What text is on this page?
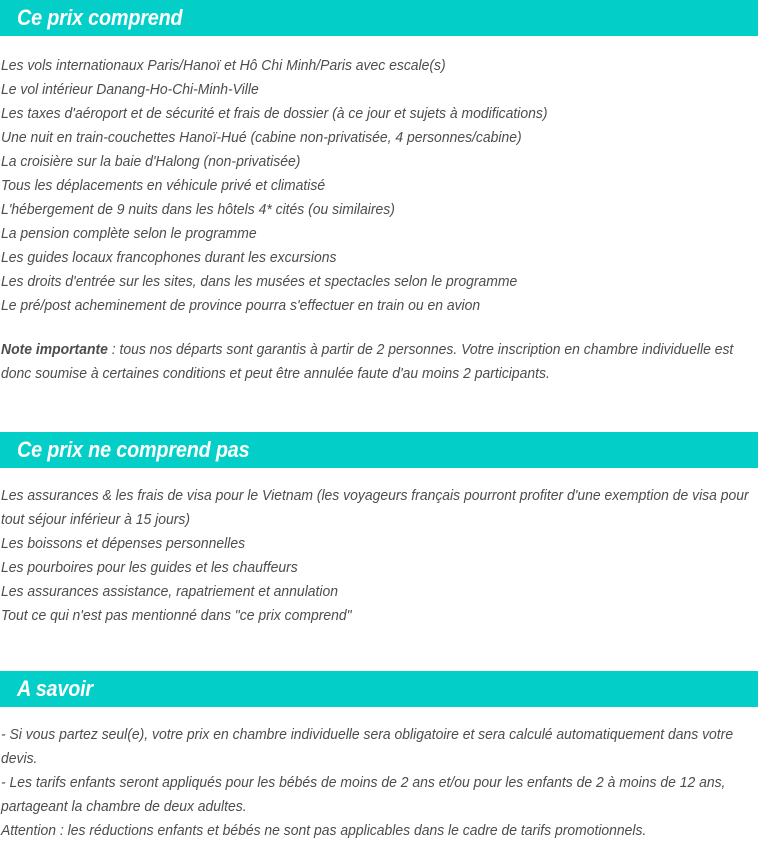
Ce prix comprend
Les vols internationaux Paris/Hanoï et Hô Chi Minh/Paris avec escale(s)
Le vol intérieur Danang-Ho-Chi-Minh-Ville
Les taxes d'aéroport et de sécurité et frais de dossier (à ce jour et sujets à modifications)
Une nuit en train-couchettes Hanoï-Hué (cabine non-privatisée, 4 personnes/cabine)
La croisière sur la baie d'Halong (non-privatisée)
Tous les déplacements en véhicule privé et climatisé
L'hébergement de 9 nuits dans les hôtels 4* cités (ou similaires)
La pension complète selon le programme
Les guides locaux francophones durant les excursions
Les droits d'entrée sur les sites, dans les musées et spectacles selon le programme
Le pré/post acheminement de province pourra s'effectuer en train ou en avion
Note importante : tous nos départs sont garantis à partir de 2 personnes. Votre inscription en chambre individuelle est donc soumise à certaines conditions et peut être annulée faute d'au moins 2 participants.
Ce prix ne comprend pas
Les assurances & les frais de visa pour le Vietnam (les voyageurs français pourront profiter d'une exemption de visa pour tout séjour inférieur à 15 jours)
Les boissons et dépenses personnelles
Les pourboires pour les guides et les chauffeurs
Les assurances assistance, rapatriement et annulation
Tout ce qui n'est pas mentionné dans "ce prix comprend"
A savoir
- Si vous partez seul(e), votre prix en chambre individuelle sera obligatoire et sera calculé automatiquement dans votre devis.
- Les tarifs enfants seront appliqués pour les bébés de moins de 2 ans et/ou pour les enfants de 2 à moins de 12 ans, partageant la chambre de deux adultes.
Attention : les réductions enfants et bébés ne sont pas applicables dans le cadre de tarifs promotionnels.
